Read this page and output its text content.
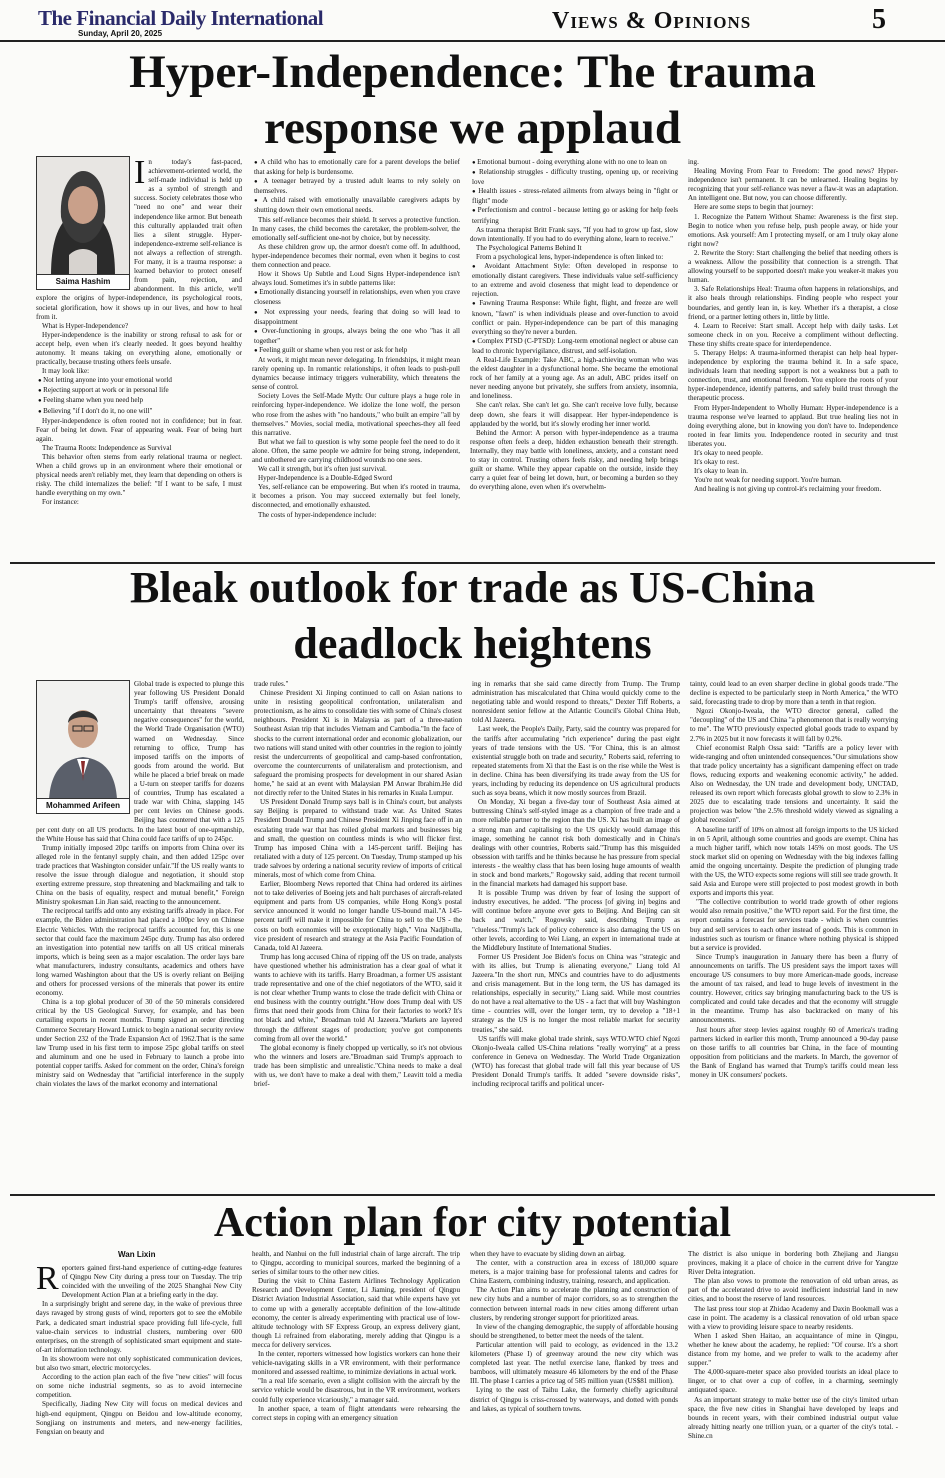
The Financial Daily International
Sunday, April 20, 2025	Views & Opinions	5
Hyper-Independence: The trauma
response we applaud
Saima Hashim

In today's fast-paced, achievement-oriented world, the self-made individual is held up as a symbol of strength and success. Society celebrates those who "need no one" and wear their independence like armor. But beneath this culturally applauded trait often lies a silent struggle. Hyper-independence-extreme self-reliance is not always a reflection of strength. For many, it is a trauma response: a learned behavior to protect oneself from pain, rejection, and abandonment. In this article, we'll explore the origins of hyper-independence, its psychological roots, societal glorification, how it shows up in our lives, and how to heal from it.

What is Hyper-Independence?

Hyper-independence is the inability or strong refusal to ask for or accept help, even when it's clearly needed. It goes beyond healthy autonomy. It means taking on everything alone, emotionally or practically, because trusting others feels unsafe.

It may look like:

● Not letting anyone into your emotional world

● Rejecting support at work or in personal life

● Feeling shame when you need help

● Believing "if I don't do it, no one will"

Hyper-independence is often rooted not in confidence; but in fear. Fear of being let down. Fear of appearing weak. Fear of being hurt again.

The Trauma Roots: Independence as Survival

This behavior often stems from early relational trauma or neglect. When a child grows up in an environment where their emotional or physical needs aren't reliably met, they learn that depending on others is risky. The child internalizes the belief: "If I want to be safe, I must handle everything on my own."

For instance:

● A child who has to emotionally care for a parent develops the belief that asking for help is burdensome.

● A teenager betrayed by a trusted adult learns to rely solely on themselves.

● A child raised with emotionally unavailable caregivers adapts by shutting down their own emotional needs.

This self-reliance becomes their shield. It serves a protective function. In many cases, the child becomes the caretaker, the problem-solver, the emotionally self-sufficient one-not by choice, but by necessity.

As these children grow up, the armor doesn't come off. In adulthood, hyper-independence becomes their normal, even when it begins to cost them connection and peace.

How it Shows Up Subtle and Loud Signs Hyper-independence isn't always loud. Sometimes it's in subtle patterns like:

● Emotionally distancing yourself in relationships, even when you crave closeness

● Not expressing your needs, fearing that doing so will lead to disappointment

● Over-functioning in groups, always being the one who "has it all together"

● Feeling guilt or shame when you rest or ask for help

At work, it might mean never delegating. In friendships, it might mean rarely opening up. In romantic relationships, it often leads to push-pull dynamics because intimacy triggers vulnerability, which threatens the sense of control.

Society Loves the Self-Made Myth: Our culture plays a huge role in reinforcing hyper-independence. We idolize the lone wolf, the person who rose from the ashes with "no handouts," who built an empire "all by themselves." Movies, social media, motivational speeches-they all feed this narrative.

But what we fail to question is why some people feel the need to do it alone. Often, the same people we admire for being strong, independent, and unbothered are carrying childhood wounds no one sees.

We call it strength, but it's often just survival.

Hyper-Independence is a Double-Edged Sword

Yes, self-reliance can be empowering. But when it's rooted in trauma, it becomes a prison. You may succeed externally but feel lonely, disconnected, and emotionally exhausted.

The costs of hyper-independence include:

● Emotional burnout - doing everything alone with no one to lean on

● Relationship struggles - difficulty trusting, opening up, or receiving love

● Health issues - stress-related ailments from always being in "fight or flight" mode

● Perfectionism and control - because letting go or asking for help feels terrifying

As trauma therapist Britt Frank says, "If you had to grow up fast, slow down intentionally. If you had to do everything alone, learn to receive."

The Psychological Patterns Behind It

From a psychological lens, hyper-independence is often linked to:

● Avoidant Attachment Style: Often developed in response to emotionally distant caregivers. These individuals value self-sufficiency to an extreme and avoid closeness that might lead to dependence or rejection.

● Fawning Trauma Response: While fight, flight, and freeze are well known, "fawn" is when individuals please and over-function to avoid conflict or pain. Hyper-independence can be part of this managing everything so they're never a burden.

● Complex PTSD (C-PTSD): Long-term emotional neglect or abuse can lead to chronic hypervigilance, distrust, and self-isolation.

A Real-Life Example: Take ABC, a high-achieving woman who was the eldest daughter in a dysfunctional home. She became the emotional rock of her family at a young age. As an adult, ABC prides itself on never needing anyone but privately, she suffers from anxiety, insomnia, and loneliness.

She can't relax. She can't let go. She can't receive love fully, because deep down, she fears it will disappear. Her hyper-independence is applauded by the world, but it's slowly eroding her inner world.

Behind the Armor: A person with hyper-independence as a trauma response often feels a deep, hidden exhaustion beneath their strength. Internally, they may battle with loneliness, anxiety, and a constant need to stay in control. Trusting others feels risky, and needing help brings guilt or shame. While they appear capable on the outside, inside they carry a quiet fear of being let down, hurt, or becoming a burden so they do everything alone, even when it's overwhelm-

ing.

Healing Moving From Fear to Freedom: The good news? Hyper-independence isn't permanent. It can be unlearned. Healing begins by recognizing that your self-reliance was never a flaw-it was an adaptation. An intelligent one. But now, you can choose differently.

Here are some steps to begin that journey:

1. Recognize the Pattern Without Shame: Awareness is the first step. Begin to notice when you refuse help, push people away, or hide your emotions. Ask yourself: Am I protecting myself, or am I truly okay alone right now?

2. Rewrite the Story: Start challenging the belief that needing others is a weakness. Allow the possibility that connection is a strength. That allowing yourself to be supported doesn't make you weaker-it makes you human.

3. Safe Relationships Heal: Trauma often happens in relationships, and it also heals through relationships. Finding people who respect your boundaries, and gently lean in, is key. Whether it's a therapist, a close friend, or a partner letting others in, little by little.

4. Learn to Receive: Start small. Accept help with daily tasks. Let someone check in on you. Receive a compliment without deflecting. These tiny shifts create space for interdependence.

5. Therapy Helps: A trauma-informed therapist can help heal hyper-independence by exploring the trauma behind it. In a safe space, individuals learn that needing support is not a weakness but a path to connection, trust, and emotional freedom. You explore the roots of your hyper-independence, identify patterns, and safely build trust through the therapeutic process.

From Hyper-Independent to Wholly Human: Hyper-independence is a trauma response we've learned to applaud. But true healing lies not in doing everything alone, but in knowing you don't have to. Independence rooted in fear limits you. Independence rooted in security and trust liberates you.

It's okay to need people.

It's okay to rest.

It's okay to lean in.

You're not weak for needing support. You're human.

And healing is not giving up control-it's reclaiming your freedom.

Bleak outlook for trade as US-China
deadlock heightens
Mohammed Arifeen

Global trade is expected to plunge this year following US President Donald Trump's tariff offensive, arousing uncertainty that threatens "severe negative consequences" for the world, the World Trade Organisation (WTO) warned on Wednesday. Since returning to office, Trump has imposed tariffs on the imports of goods from around the world. But while he placed a brief break on made a U-turn on steeper tariffs for dozens of countries, Trump has escalated a trade war with China, slapping 145 per cent levies on Chinese goods. Beijing has countered that with a 125 per cent duty on all US products. In the latest bout of one-upmanship, the White House has said that China could face tariffs of up to 245pc.

Trump initially imposed 20pc tariffs on imports from China over its alleged role in the fentanyl supply chain, and then added 125pc over trade practices that Washington consider unfair."If the US really wants to resolve the issue through dialogue and negotiation, it should stop exerting extreme pressure, stop threatening and blackmailing and talk to China on the basis of equality, respect and mutual benefit," Foreign Ministry spokesman Lin Jian said, reacting to the announcement.

The reciprocal tariffs add onto any existing tariffs already in place. For example, the Biden administration had placed a 100pc levy on Chinese Electric Vehicles. With the reciprocal tariffs accounted for, this is one sector that could face the maximum 245pc duty. Trump has also ordered an investigation into potential new tariffs on all US critical minerals imports, which is being seen as a major escalation. The order lays bare what manufacturers, industry consultants, academics and others have long warned Washington about that the US is overly reliant on Beijing and others for processed versions of the minerals that power its entire economy.

China is a top global producer of 30 of the 50 minerals considered critical by the US Geological Survey, for example, and has been curtailing exports in recent months. Trump signed an order directing Commerce Secretary Howard Lutnick to begin a national security review under Section 232 of the Trade Expansion Act of 1962.That is the same law Trump used in his first term to impose 25pc global tariffs on steel and aluminum and one he used in February to launch a probe into potential copper tariffs. Asked for comment on the order, China's foreign ministry said on Wednesday that "artificial interference in the supply chain violates the laws of the market economy and international

trade rules."

Chinese President Xi Jinping continued to call on Asian nations to unite in resisting geopolitical confrontation, unilateralism and protectionism, as he aims to consolidate ties with some of China's closest neighbours. President Xi is in Malaysia as part of a three-nation Southeast Asian trip that includes Vietnam and Cambodia."In the face of shocks to the current international order and economic globalization, our two nations will stand united with other countries in the region to jointly resist the undercurrents of geopolitical and camp-based confrontation, overcome the countercurrents of unilateralism and protectionism, and safeguard the promising prospects for development in our shared Asian home," he said at an event with Malaysian PM Anwar Ibrahim.He did not directly refer to the United States in his remarks in Kuala Lumpur.

US President Donald Trump says ball is in China's court, but analysts say Beijing is prepared to withstand trade war. As United States President Donald Trump and Chinese President Xi Jinping face off in an escalating trade war that has roiled global markets and businesses big and small, the question on countless minds is who will flicker first. Trump has imposed China with a 145-percent tariff. Beijing has retaliated with a duty of 125 percent. On Tuesday, Trump stamped up his trade salvoes by ordering a national security review of imports of critical minerals, most of which come from China.

Earlier, Bloomberg News reported that China had ordered its airlines not to take deliveries of Boeing jets and halt purchases of aircraft-related equipment and parts from US companies, while Hong Kong's postal service announced it would no longer handle US-bound mail."A 145-percent tariff will make it impossible for China to sell to the US - the costs on both economies will be exceptionally high," Vina Nadjibulla, vice president of research and strategy at the Asia Pacific Foundation of Canada, told Al Jazeera.

Trump has long accused China of ripping off the US on trade, analysts have questioned whether his administration has a clear goal of what it wants to achieve with its tariffs. Harry Broadman, a former US assistant trade representative and one of the chief negotiators of the WTO, said it is not clear whether Trump wants to close the trade deficit with China or end business with the country outright."How does Trump deal with US firms that need their goods from China for their factories to work? It's not black and white," Broadman told Al Jazeera."Markets are layered through the different stages of production; you've got components coming from all over the world."

The global economy is finely chopped up vertically, so it's not obvious who the winners and losers are."Broadman said Trump's approach to trade has been simplistic and unrealistic."China needs to make a deal with us, we don't have to make a deal with them," Leavitt told a media brief-

ing in remarks that she said came directly from Trump. The Trump administration has miscalculated that China would quickly come to the negotiating table and would respond to threats," Dexter Tiff Roberts, a nonresident senior fellow at the Atlantic Council's Global China Hub, told Al Jazeera.

Last week, the People's Daily, Party, said the country was prepared for the tariffs after accumulating "rich experience" during the past eight years of trade tensions with the US. "For China, this is an almost existential struggle both on trade and security," Roberts said, referring to repeated statements from Xi that the East is on the rise while the West is in decline. China has been diversifying its trade away from the US for years, including by reducing its dependence on US agricultural products such as soya beans, which it now mostly sources from Brazil.

On Monday, Xi began a five-day tour of Southeast Asia aimed at buttressing China's self-styled image as a champion of free trade and a more reliable partner to the region than the US. Xi has built an image of a strong man and capitalising to the US quickly would damage this image, something he cannot risk both domestically and in China's dealings with other countries, Roberts said."Trump has this misguided obsession with tariffs and he thinks because he has pressure from special interests - the wealthy class that has been losing huge amounts of wealth in stock and bond markets," Rogowsky said, adding that recent turmoil in the financial markets had damaged his support base.

It is possible Trump was driven by fear of losing the support of industry executives, he added. "The process [of giving in] begins and will continue before anyone ever gets to Beijing. And Beijing can sit back and watch," Rogowsky said, describing Trump as "clueless."Trump's lack of policy coherence is also damaging the US on other levels, according to Wei Liang, an expert in international trade at the Middlebury Institute of International Studies.

Former US President Joe Biden's focus on China was "strategic and with its allies, but Trump is alienating everyone," Liang told Al Jazeera."In the short run, MNCs and countries have to do adjustments and crisis management. But in the long term, the US has damaged its relationships, especially in security," Liang said. While most countries do not have a real alternative to the US - a fact that will buy Washington time - countries will, over the longer term, try to develop a "18+1 strategy as the US is no longer the most reliable market for security treaties," she said.

US tariffs will make global trade shrink, says WTO.WTO chief Ngozi Okonjo-Iweala called US-China relations "really worrying" at a press conference in Geneva on Wednesday. The World Trade Organization (WTO) has forecast that global trade will fall this year because of US President Donald Trump's tariffs. It added "severe downside risks", including reciprocal tariffs and political uncer-

tainty, could lead to an even sharper decline in global goods trade."The decline is expected to be particularly steep in North America," the WTO said, forecasting trade to drop by more than a tenth in that region.

Ngozi Okonjo-Iweala, the WTO director general, called the "decoupling" of the US and China "a phenomenon that is really worrying to me". The WTO previously expected global goods trade to expand by 2.7% in 2025 but it now forecasts it will fall by 0.2%.

Chief economist Ralph Ossa said: "Tariffs are a policy lever with wide-ranging and often unintended consequences."Our simulations show that trade policy uncertainty has a significant dampening effect on trade flows, reducing exports and weakening economic activity," he added. Also on Wednesday, the UN trade and development body, UNCTAD, released its own report which forecasts global growth to slow to 2.3% in 2025 due to escalating trade tensions and uncertainty. It said the projection was below "the 2.5% threshold widely viewed as signaling a global recession".

A baseline tariff of 10% on almost all foreign imports to the US kicked in on 5 April, although some countries and goods are exempt. China has a much higher tariff, which now totals 145% on most goods. The US stock market slid on opening on Wednesday with the big indexes falling amid the ongoing uncertainty. Despite the prediction of plunging trade with the US, the WTO expects some regions will still see trade growth. It said Asia and Europe were still projected to post modest growth in both exports and imports this year.

"The collective contribution to world trade growth of other regions would also remain positive," the WTO report said. For the first time, the report contains a forecast for services trade - which is when countries buy and sell services to each other instead of goods. This is common in industries such as tourism or finance where nothing physical is shipped but a service is provided.

Since Trump's inauguration in January there has been a flurry of announcements on tariffs. The US president says the import taxes will encourage US consumers to buy more American-made goods, increase the amount of tax raised, and lead to huge levels of investment in the country. However, critics say bringing manufacturing back to the US is complicated and could take decades and that the economy will struggle in the meantime. Trump has also backtracked on many of his announcements.

Just hours after steep levies against roughly 60 of America's trading partners kicked in earlier this month, Trump announced a 90-day pause on those tariffs to all countries bar China, in the face of mounting opposition from politicians and the markets. In March, the governor of the Bank of England has warned that Trump's tariffs could mean less money in UK consumers' pockets.

Action plan for city potential
Wan Lixin

Reporters gained first-hand experience of cutting-edge features of Qingpu New City during a press tour on Tuesday. The trip coincided with the unveiling of the 2025 Shanghai New City Development Action Plan at a briefing early in the day.

In a surprisingly bright and serene day, in the wake of previous three days ravaged by strong gusts of wind, reporters got to see the eMobile Park, a dedicated smart industrial space providing full life-cycle, full value-chain services to industrial clusters, numbering over 600 enterprises, on the strength of sophisticated smart equipment and state-of-art information technology.

In its showroom were not only sophisticated communication devices, but also two smart, electric motorcycles.

According to the action plan each of the five "new cities" will focus on some niche industrial segments, so as to avoid internecine competition.

Specifically, Jiading New City will focus on medical devices and high-end equipment, Qingpu on Beidou and low-altitude economy, Songjiang on instruments and meters, and new-energy facilities, Fengxian on beauty and

health, and Nanhui on the full industrial chain of large aircraft. The trip to Qingpu, according to municipal sources, marked the beginning of a series of similar tours to the other new cities.

During the visit to China Eastern Airlines Technology Application Research and Development Center, Li Jiaming, president of Qingpu District Aviation Industrial Association, said that while experts have yet to come up with a generally acceptable definition of the low-altitude economy, the center is already experimenting with practical use of low-altitude technology with SF Express Group, an express delivery giant, though Li refrained from elaborating, merely adding that Qingpu is a mecca for delivery services.

In the center, reporters witnessed how logistics workers can hone their vehicle-navigating skills in a VR environment, with their performance monitored and assessed realtime, to minimize deviations in actual work.

"In a real life scenario, even a slight collision with the aircraft by the service vehicle would be disastrous, but in the VR environment, workers could fully experience vicariously," a manager said.

In another space, a team of flight attendants were rehearsing the correct steps in coping with an emergency situation

when they have to evacuate by sliding down an airbag.

The center, with a construction area in excess of 180,000 square meters, is a major training base for professional talents and cadres for China Eastern, combining industry, training, research, and application.

The Action Plan aims to accelerate the planning and construction of new city hubs and a number of major corridors, so as to strengthen the connection between internal roads in new cities among different urban clusters, by rendering stronger support for prioritized areas.

In view of the changing demographic, the supply of affordable housing should be strengthened, to better meet the needs of the talent.

Particular attention will paid to ecology, as evidenced in the 13.2 kilometers (Phase I) of greenway around the new city which was completed last year. The netful exercise lane, flanked by trees and bamboos, will ultimately measure 46 kilometers by the end of the Phase III. The phase I carries a price tag of 585 million yuan (US$81 million).

Lying to the east of Taihu Lake, the formerly chiefly agricultural district of Qingpu is criss-crossed by waterways, and dotted with ponds and lakes, as typical of southern towns.

The district is also unique in bordering both Zhejiang and Jiangsu provinces, making it a place of choice in the current drive for Yangtze River Delta integration.

The plan also vows to promote the renovation of old urban areas, as part of the accelerated drive to avoid inefficient industrial land in new cities, and to boost the reserve of land resources.

The last press tour stop at Zhidao Academy and Daxin Bookmall was a case in point. The academy is a classical renovation of old urban space with a view to providing leisure space to nearby residents.

When I asked Shen Haitao, an acquaintance of mine in Qingpu, whether he knew about the academy, he replied: "Of course. It's a short distance from my home, and we prefer to walk to the academy after supper."

The 4,000-square-meter space also provided tourists an ideal place to linger, or to chat over a cup of coffee, in a charming, seemingly antiquated space.

As an important strategy to make better use of the city's limited urban space, the five new cities in Shanghai have developed by leaps and bounds in recent years, with their combined industrial output value already hitting nearly one trillion yuan, or a quarter of the city's total. -Shine.cn
